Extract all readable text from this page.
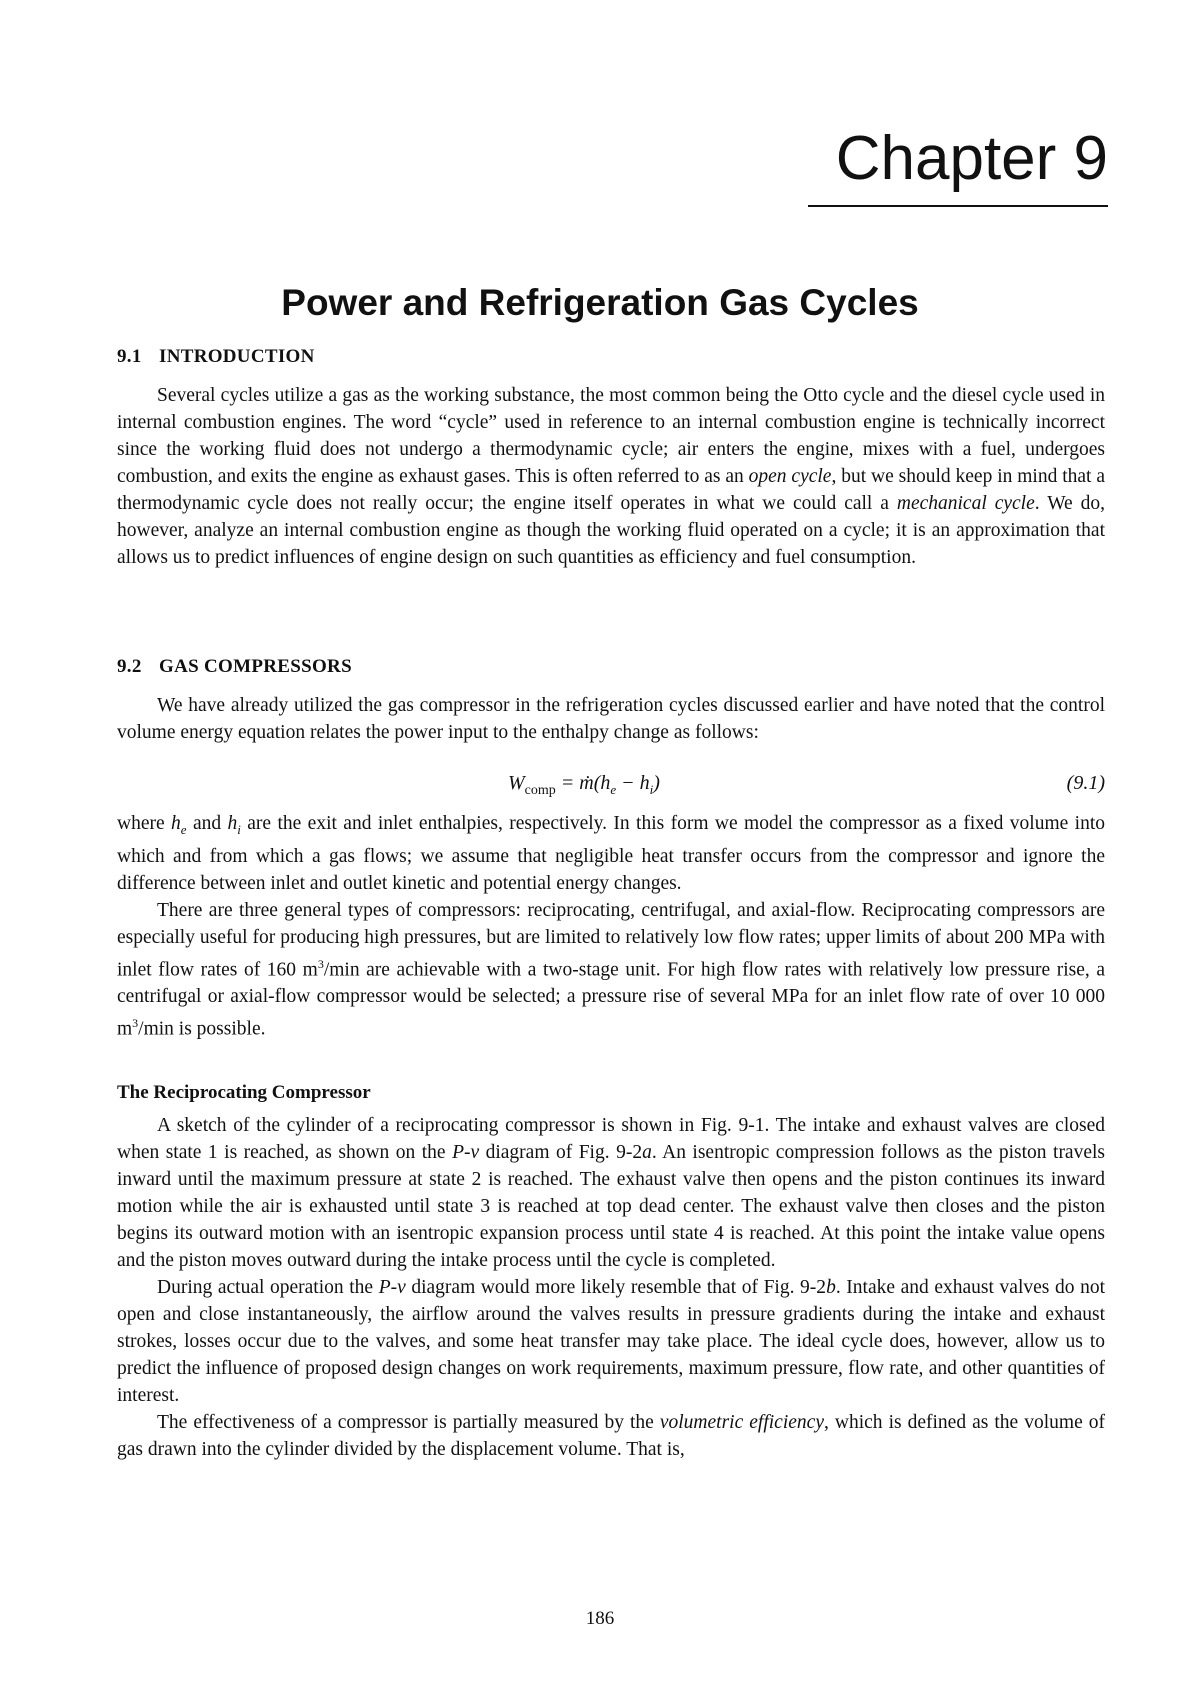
Chapter 9
Power and Refrigeration Gas Cycles
9.1 INTRODUCTION

Several cycles utilize a gas as the working substance, the most common being the Otto cycle and the diesel cycle used in internal combustion engines. The word “cycle” used in reference to an internal combustion engine is technically incorrect since the working fluid does not undergo a thermodynamic cycle; air enters the engine, mixes with a fuel, undergoes combustion, and exits the engine as exhaust gases. This is often referred to as an open cycle, but we should keep in mind that a thermodynamic cycle does not really occur; the engine itself operates in what we could call a mechanical cycle. We do, however, analyze an internal combustion engine as though the working fluid operated on a cycle; it is an approximation that allows us to predict influences of engine design on such quantities as efficiency and fuel consumption.

9.2 GAS COMPRESSORS

We have already utilized the gas compressor in the refrigeration cycles discussed earlier and have noted that the control volume energy equation relates the power input to the enthalpy change as follows:

$W_{comp}$ = $ṁ(h_e - h_i)$	(9.1)

where $h_e$ and $h_i$ are the exit and inlet enthalpies, respectively. In this form we model the compressor as a fixed volume into which and from which a gas flows; we assume that negligible heat transfer occurs from the compressor and ignore the difference between inlet and outlet kinetic and potential energy changes.

There are three general types of compressors: reciprocating, centrifugal, and axial-flow. Reciprocating compressors are especially useful for producing high pressures, but are limited to relatively low flow rates; upper limits of about 200 MPa with inlet flow rates of 160 $m^3/\min$ are achievable with a two-stage unit. For high flow rates with relatively low pressure rise, a centrifugal or axial-flow compressor would be selected; a pressure rise of several MPa for an inlet flow rate of over 10 000 $m^3/\min$ is possible.

The Reciprocating Compressor

A sketch of the cylinder of a reciprocating compressor is shown in Fig. 9-1. The intake and exhaust valves are closed when state 1 is reached, as shown on the P-v diagram of Fig. 9-2a. An isentropic compression follows as the piston travels inward until the maximum pressure at state 2 is reached. The exhaust valve then opens and the piston continues its inward motion while the air is exhausted until state 3 is reached at top dead center. The exhaust valve then closes and the piston begins its outward motion with an isentropic expansion process until state 4 is reached. At this point the intake value opens and the piston moves outward during the intake process until the cycle is completed.

During actual operation the P-v diagram would more likely resemble that of Fig. 9-2b. Intake and exhaust valves do not open and close instantaneously, the airflow around the valves results in pressure gradients during the intake and exhaust strokes, losses occur due to the valves, and some heat transfer may take place. The ideal cycle does, however, allow us to predict the influence of proposed design changes on work requirements, maximum pressure, flow rate, and other quantities of interest.

The effectiveness of a compressor is partially measured by the volumetric efficiency, which is defined as the volume of gas drawn into the cylinder divided by the displacement volume. That is,

186
